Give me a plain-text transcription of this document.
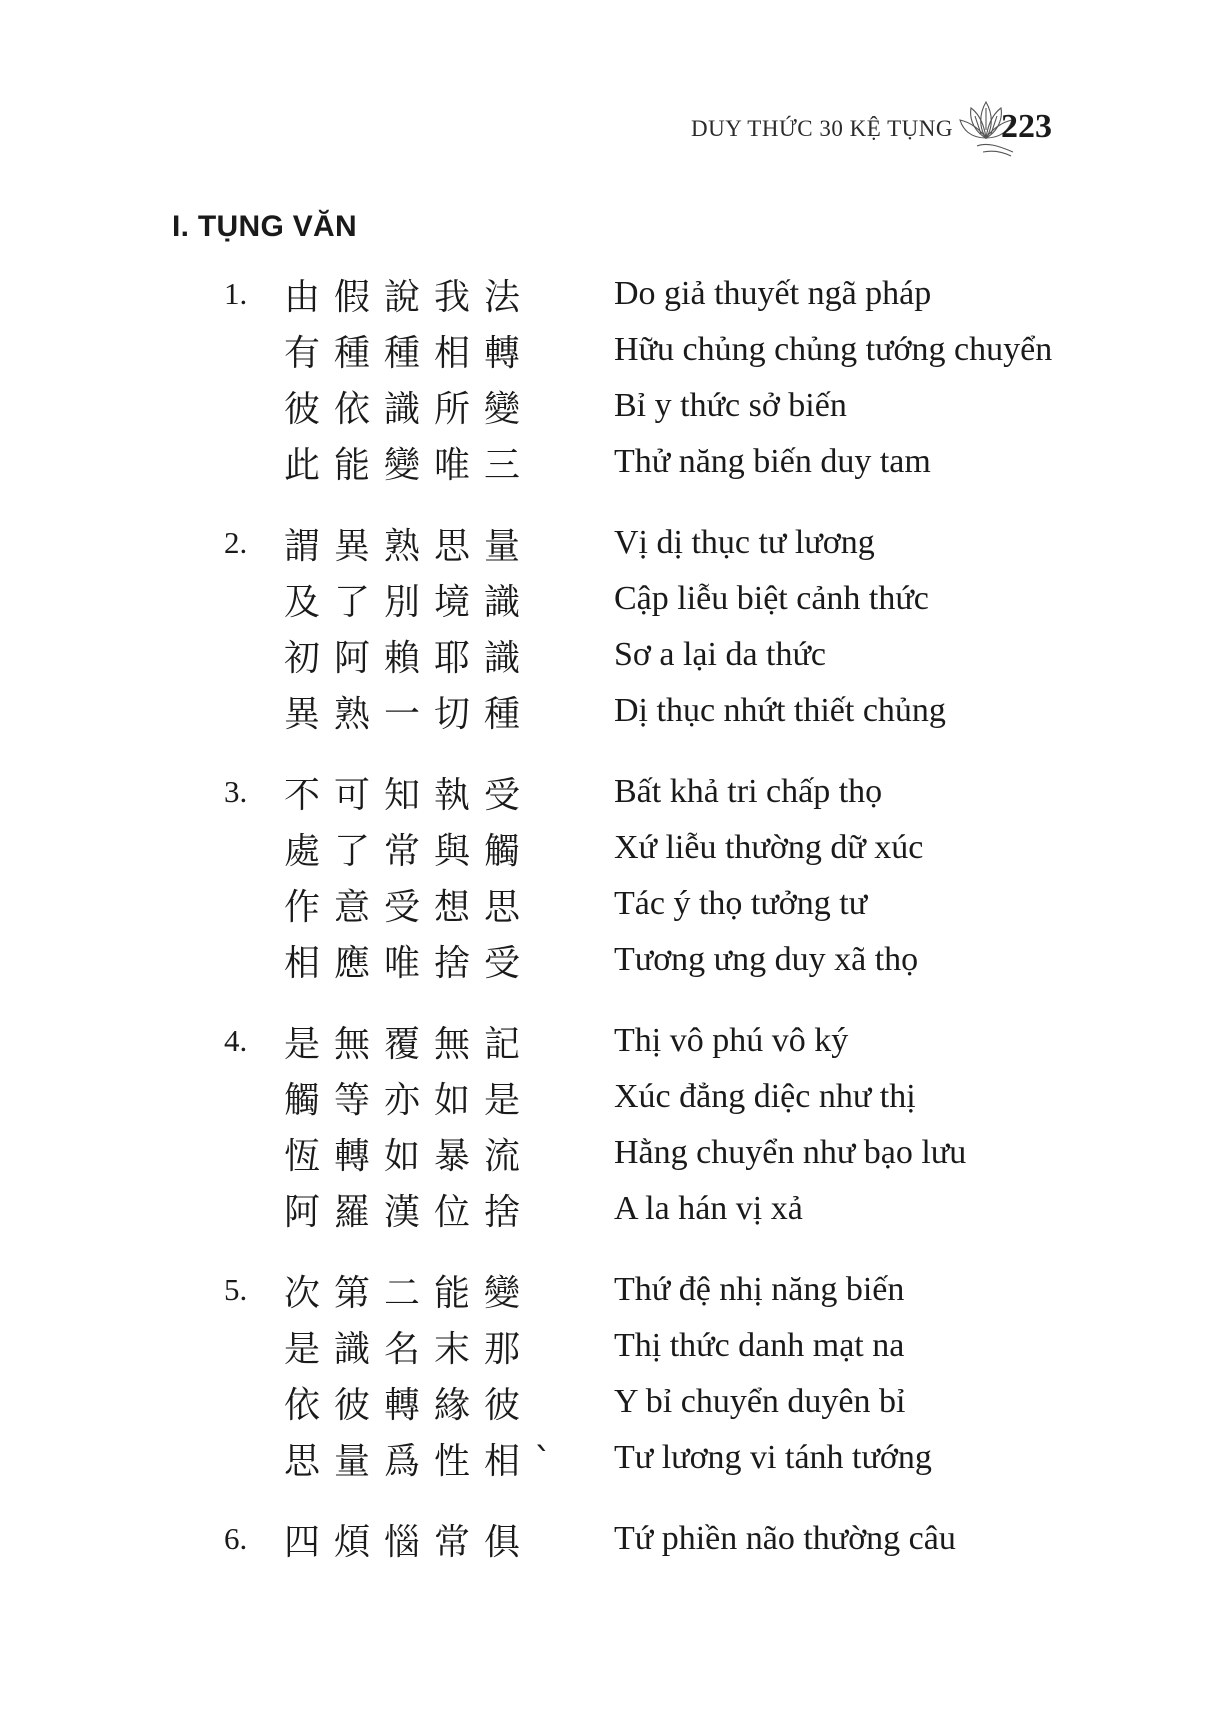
DUY THỨC 30 KỆ TỤNG 223
I. TỤNG VĂN
1.	由假說我法	Do giả thuyết ngã pháp
有種種相轉	Hữu chủng chủng tướng chuyển
彼依識所變	Bỉ y thức sở biến
此能變唯三	Thử năng biến duy tam
2.	謂異熟思量	Vị dị thục tư lương
及了別境識	Cập liễu biệt cảnh thức
初阿賴耶識	Sơ a lại da thức
異熟一切種	Dị thục nhứt thiết chủng
3.	不可知執受	Bất khả tri chấp thọ
處了常與觸	Xứ liễu thường dữ xúc
作意受想思	Tác ý thọ tưởng tư
相應唯捨受	Tương ưng duy xã thọ
4.	是無覆無記	Thị vô phú vô ký
觸等亦如是	Xúc đẳng diệc như thị
恆轉如暴流	Hằng chuyển như bạo lưu
阿羅漢位捨	A la hán vị xả
5.	次第二能變	Thứ đệ nhị năng biến
是識名末那	Thị thức danh mạt na
依彼轉緣彼	Y bỉ chuyển duyên bỉ
思量爲性相`	Tư lương vi tánh tướng
6.	四煩惱常俱	Tứ phiền não thường câu
